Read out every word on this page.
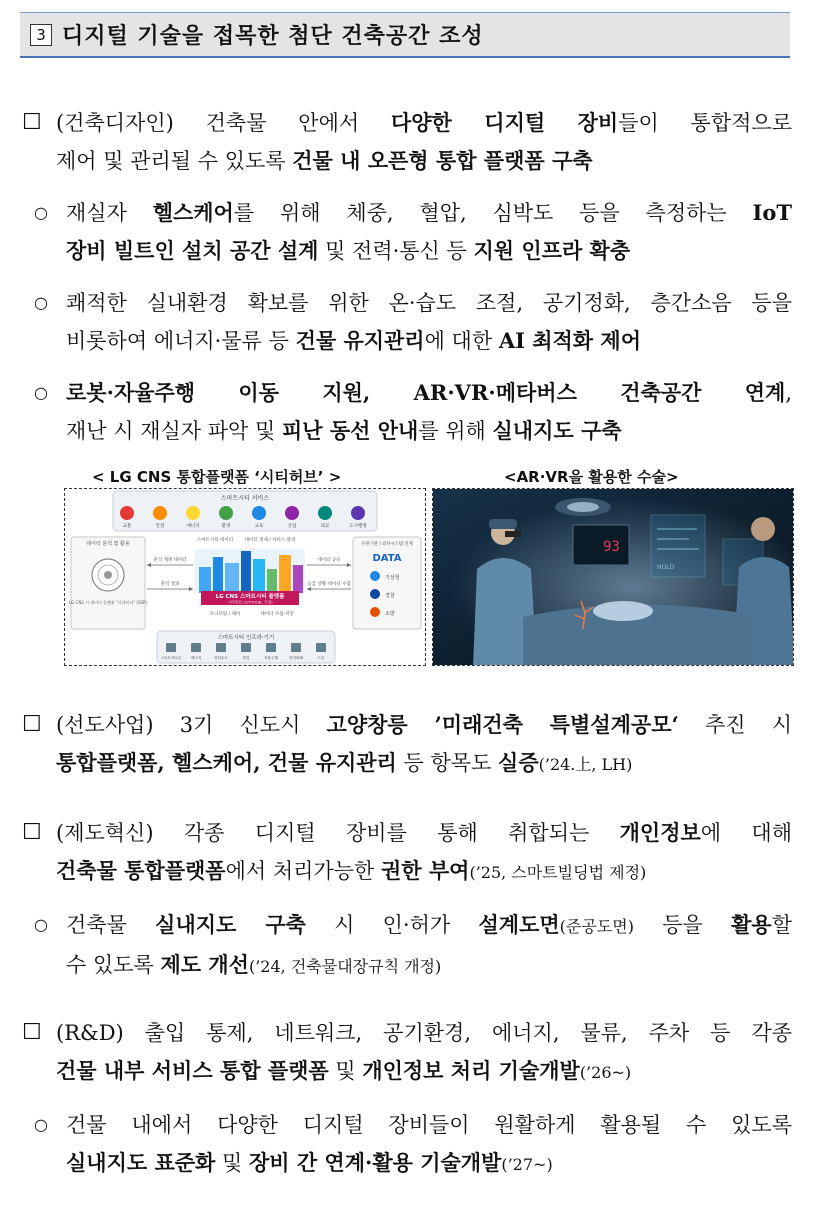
3 디지털 기술을 접목한 첨단 건축공간 조성
☐ (건축디자인) 건축물 안에서 다양한 디지털 장비들이 통합적으로
제어 및 관리될 수 있도록 건물 내 오픈형 통합 플랫폼 구축
○ 재실자 헬스케어를 위해 체중, 혈압, 심박도 등을 측정하는 IoT
장비 빌트인 설치 공간 설계 및 전력·통신 등 지원 인프라 확충
○ 쾌적한 실내환경 확보를 위한 온·습도 조절, 공기정화, 층간소음 등을
비롯하여 에너지·물류 등 건물 유지관리에 대한 AI 최적화 제어
○ 로봇·자율주행 이동 지원, AR·VR·메타버스 건축공간 연계,
재난 시 재실자 파악 및 피난 동선 안내를 위해 실내지도 구축
< LG CNS 통합플랫폼 ‘시티허브’ >	<AR·VR을 활용한 수술>
스마트시티 서비스
교통	안전	에너지	환경	교육	산업	의료	도시행정
데이터 분석 및 활용
LG CNS 시 데이터 플랫폼 "디데이터" (SSP)
분석 계정 데이터
분석 결과
스마트시티 데이터	데이터 정제 / 서비스 관리
LG CNS 스마트시티 플랫폼
시티허브 (CITYHUB, 가칭)
모니터링 / 제어	데이터 수집·저장
데이터 공유
응급 상황 데이터 수집
유관기관 / 외부시스템 연계
DATA
기상청
경찰
소방
스마트시티 인프라·기기
스마트가로등	에너지	상하수도	빌딩	자율주행	전자화폐	드론
93
HOLD
☐ (선도사업) 3기 신도시 고양창릉 ’미래건축 특별설계공모‘ 추진 시
통합플랫폼, 헬스케어, 건물 유지관리 등 항목도 실증(’24.上, LH)
☐ (제도혁신) 각종 디지털 장비를 통해 취합되는 개인정보에 대해
건축물 통합플랫폼에서 처리가능한 권한 부여(’25, 스마트빌딩법 제정)
○ 건축물 실내지도 구축 시 인·허가 설계도면(준공도면) 등을 활용할
수 있도록 제도 개선(’24, 건축물대장규칙 개정)
☐ (R&D) 출입 통제, 네트워크, 공기환경, 에너지, 물류, 주차 등 각종
건물 내부 서비스 통합 플랫폼 및 개인정보 처리 기술개발(’26~)
○ 건물 내에서 다양한 디지털 장비들이 원활하게 활용될 수 있도록
실내지도 표준화 및 장비 간 연계·활용 기술개발(’27~)
